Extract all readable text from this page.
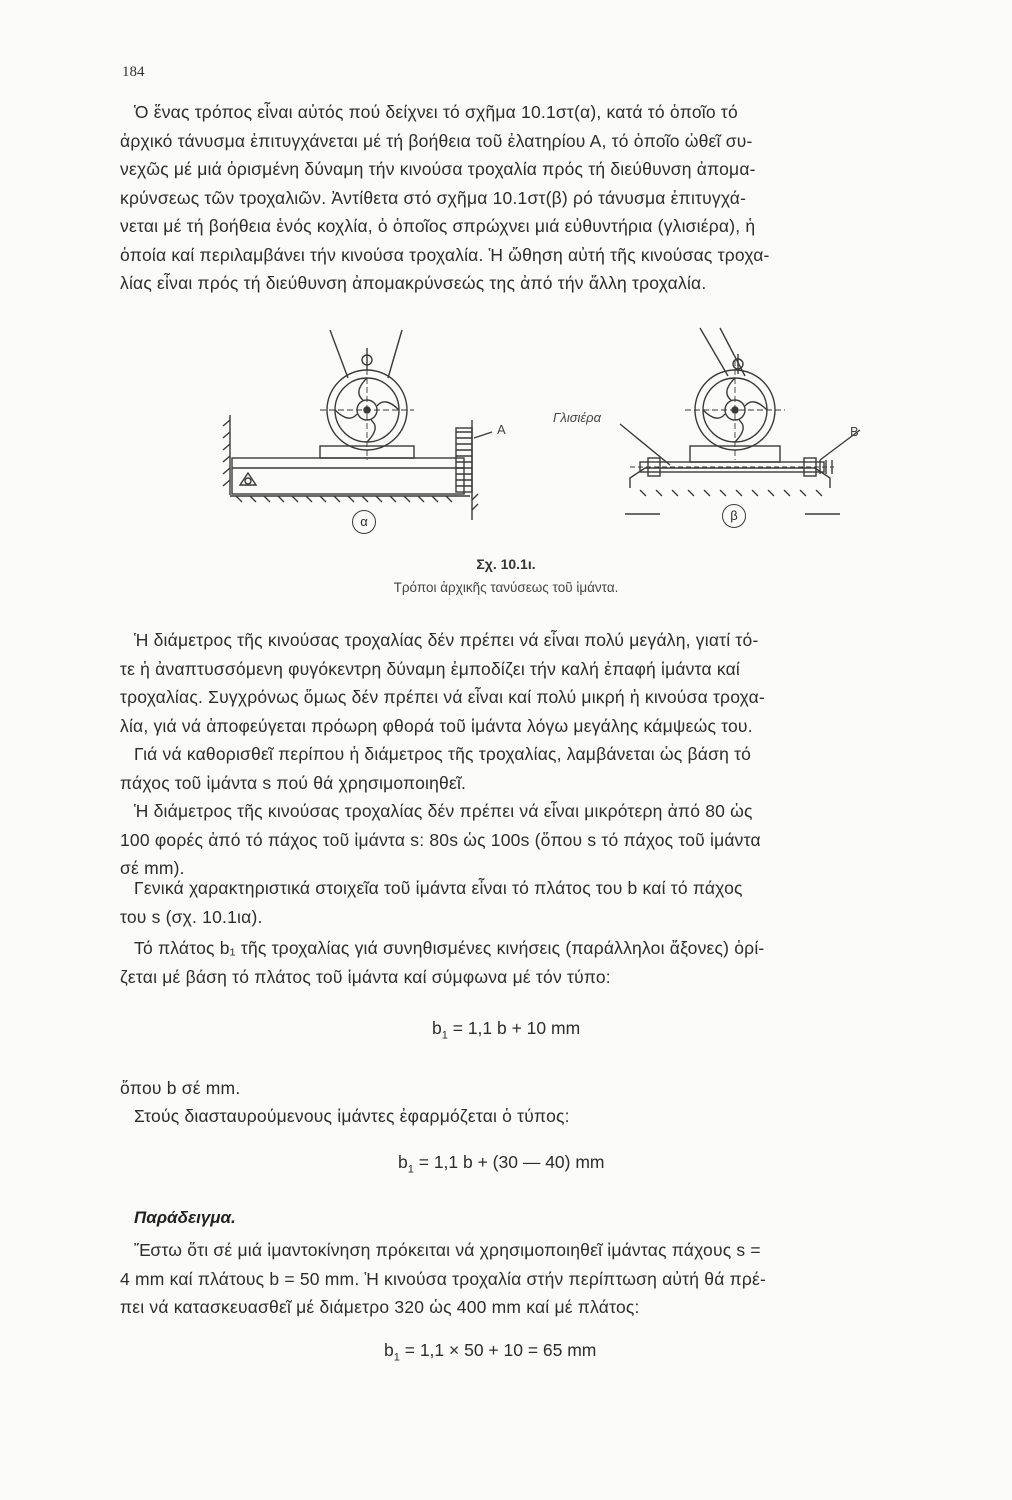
184
Ὁ ἕνας τρόπος εἶναι αὐτός πού δείχνει τό σχῆμα 10.1στ(α), κατά τό ὁποῖο τό
ἀρχικό τάνυσμα ἐπιτυγχάνεται μέ τή βοήθεια τοῦ ἐλατηρίου Α, τό ὁποῖο ὠθεῖ συ-
νεχῶς μέ μιά ὁρισμένη δύναμη τήν κινούσα τροχαλία πρός τή διεύθυνση ἀπομα-
κρύνσεως τῶν τροχαλιῶν. Ἀντίθετα στό σχῆμα 10.1στ(β) ρό τάνυσμα ἐπιτυγχά-
νεται μέ τή βοήθεια ἑνός κοχλία, ὁ ὁποῖος σπρώχνει μιά εὐθυντήρια (γλισιέρα), ἡ
ὁποία καί περιλαμβάνει τήν κινούσα τροχαλία. Ἡ ὤθηση αὐτή τῆς κινούσας τροχα-
λίας εἶναι πρός τή διεύθυνση ἀπομακρύνσεώς της ἀπό τήν ἄλλη τροχαλία.
Α
Γλισιέρα
Β
α	β
Σχ. 10.1ι.
Τρόποι ἀρχικῆς τανύσεως τοῦ ἱμάντα.
Ἡ διάμετρος τῆς κινούσας τροχαλίας δέν πρέπει νά εἶναι πολύ μεγάλη, γιατί τό-
τε ἡ ἀναπτυσσόμενη φυγόκεντρη δύναμη ἐμποδίζει τήν καλή ἐπαφή ἱμάντα καί
τροχαλίας. Συγχρόνως ὅμως δέν πρέπει νά εἶναι καί πολύ μικρή ἡ κινούσα τροχα-
λία, γιά νά ἀποφεύγεται πρόωρη φθορά τοῦ ἱμάντα λόγω μεγάλης κάμψεώς του.
Γιά νά καθορισθεῖ περίπου ἡ διάμετρος τῆς τροχαλίας, λαμβάνεται ὡς βάση τό
πάχος τοῦ ἱμάντα s πού θά χρησιμοποιηθεῖ.
Ἡ διάμετρος τῆς κινούσας τροχαλίας δέν πρέπει νά εἶναι μικρότερη ἀπό 80 ὡς
100 φορές ἀπό τό πάχος τοῦ ἱμάντα s: 80s ὡς 100s (ὅπου s τό πάχος τοῦ ἱμάντα
σέ mm).
Γενικά χαρακτηριστικά στοιχεῖα τοῦ ἱμάντα εἶναι τό πλάτος του b καί τό πάχος
του s (σχ. 10.1ια).
Τό πλάτος b₁ τῆς τροχαλίας γιά συνηθισμένες κινήσεις (παράλληλοι ἄξονες) ὁρί-
ζεται μέ βάση τό πλάτος τοῦ ἱμάντα καί σύμφωνα μέ τόν τύπο:
$b_1 = 1,1$ b + 10 mm
ὅπου b σέ mm.
Στούς διασταυρούμενους ἱμάντες ἐφαρμόζεται ὁ τύπος:
$b_1 = 1,1$ b + (30 — 40) mm
Παράδειγμα.
Ἔστω ὅτι σέ μιά ἱμαντοκίνηση πρόκειται νά χρησιμοποιηθεῖ ἱμάντας πάχους s =
4 mm καί πλάτους b = 50 mm. Ἡ κινούσα τροχαλία στήν περίπτωση αὐτή θά πρέ-
πει νά κατασκευασθεῖ μέ διάμετρο 320 ὡς 400 mm καί μέ πλάτος:
$b_1 = 1,1 \times 50 + 10 = 65$ mm
